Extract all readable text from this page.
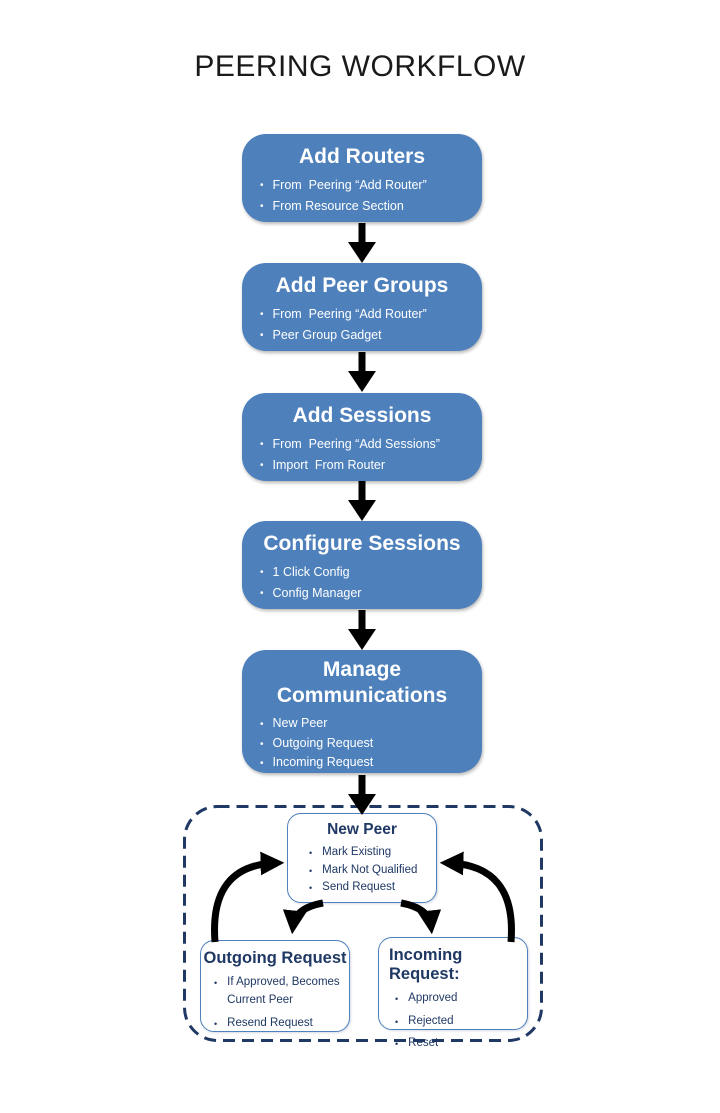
PEERING WORKFLOW
Add Routers
• From  Peering “Add Router”
• From Resource Section
Add Peer Groups
• From  Peering “Add Router”
• Peer Group Gadget
Add Sessions
• From  Peering “Add Sessions”
• Import  From Router
Configure Sessions
• 1 Click Config
• Config Manager
Manage Communications
• New Peer
• Outgoing Request
• Incoming Request
New Peer
• Mark Existing
• Mark Not Qualified
• Send Request
Outgoing Request
• If Approved, Becomes Current Peer
• Resend Request
Incoming Request:
• Approved
• Rejected
• Reset
